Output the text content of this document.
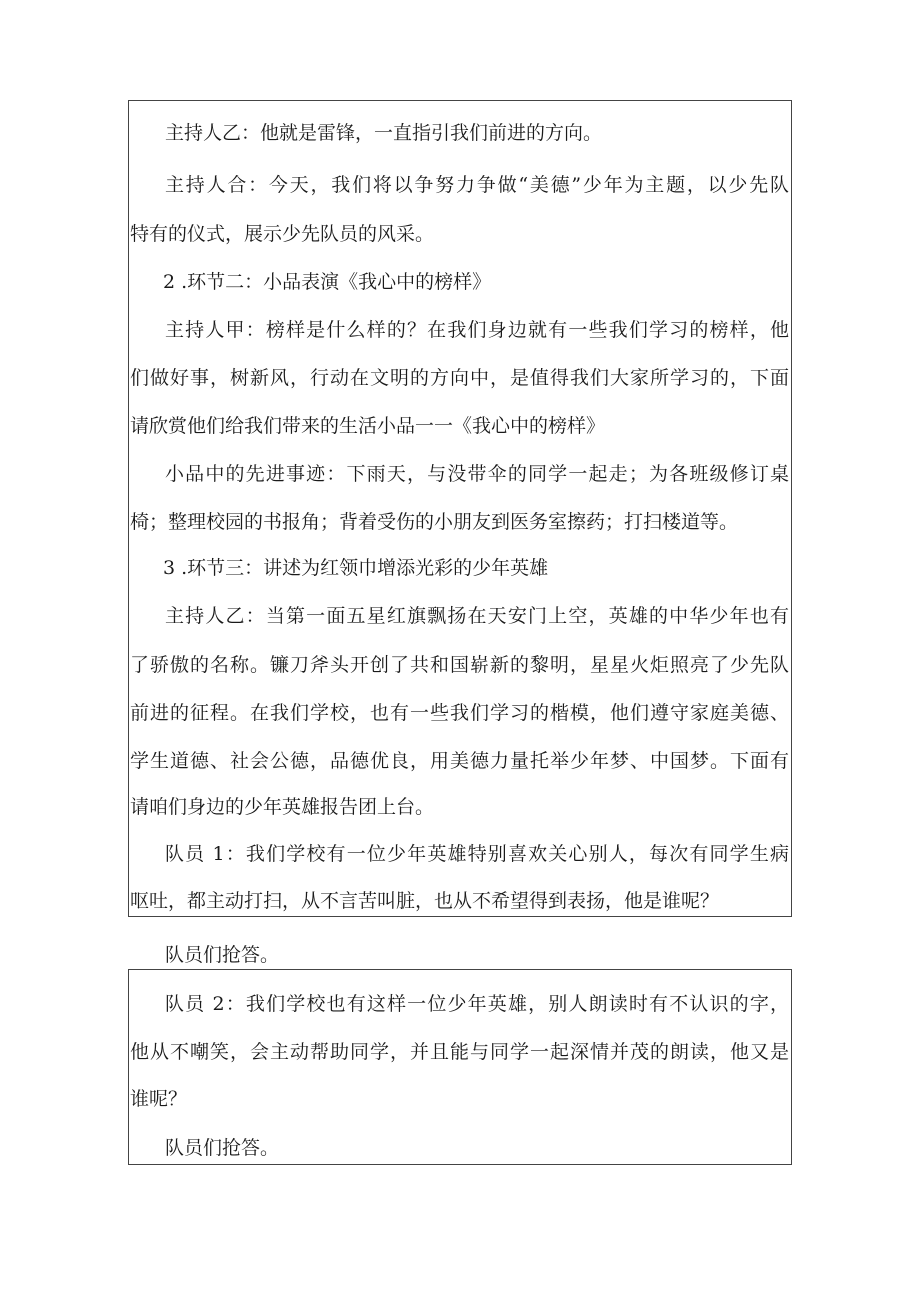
主持人乙：他就是雷锋，一直指引我们前进的方向。
主持人合：今天，我们将以争努力争做“美德”少年为主题，以少先队
特有的仪式，展示少先队员的风采。
2 .环节二：小品表演《我心中的榜样》
主持人甲：榜样是什么样的？在我们身边就有一些我们学习的榜样，他
们做好事，树新风，行动在文明的方向中，是值得我们大家所学习的，下面
请欣赏他们给我们带来的生活小品一一《我心中的榜样》
小品中的先进事迹：下雨天，与没带伞的同学一起走；为各班级修订桌
椅；整理校园的书报角；背着受伤的小朋友到医务室擦药；打扫楼道等。
3 .环节三：讲述为红领巾增添光彩的少年英雄
主持人乙：当第一面五星红旗飘扬在天安门上空，英雄的中华少年也有
了骄傲的名称。镰刀斧头开创了共和国崭新的黎明，星星火炬照亮了少先队
前进的征程。在我们学校，也有一些我们学习的楷模，他们遵守家庭美德、
学生道德、社会公德，品德优良，用美德力量托举少年梦、中国梦。下面有
请咱们身边的少年英雄报告团上台。
队员 1：我们学校有一位少年英雄特别喜欢关心别人，每次有同学生病
呕吐，都主动打扫，从不言苦叫脏，也从不希望得到表扬，他是谁呢？
队员们抢答。
队员 2：我们学校也有这样一位少年英雄，别人朗读时有不认识的字，
他从不嘲笑，会主动帮助同学，并且能与同学一起深情并茂的朗读，他又是
谁呢？
队员们抢答。
